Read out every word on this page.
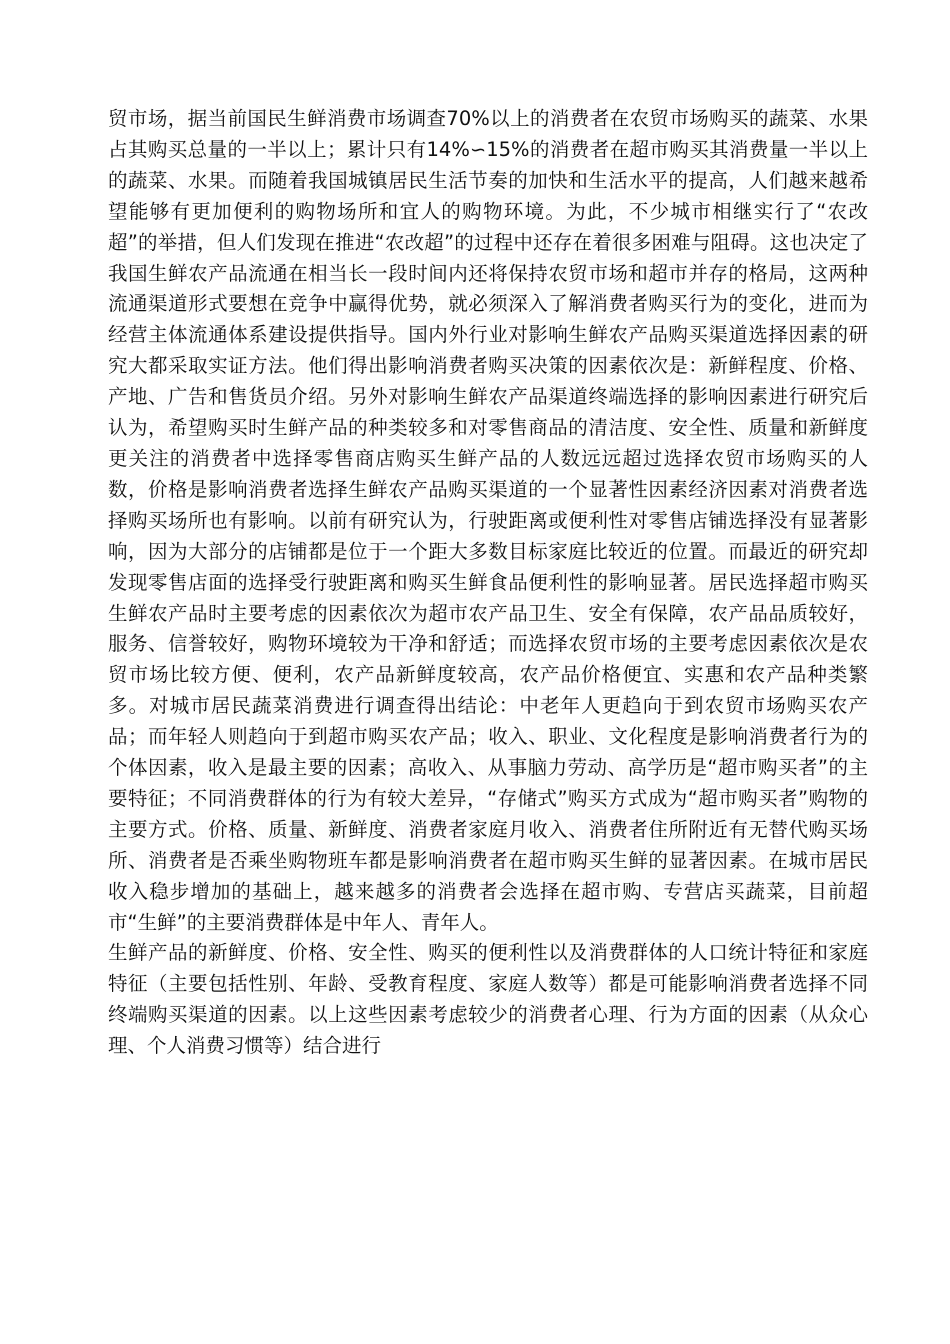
贸市场，据当前国民生鲜消费市场调查70%以上的消费者在农贸市场购买的蔬菜、水果占其购买总量的一半以上；累计只有14%∽15%的消费者在超市购买其消费量一半以上的蔬菜、水果。而随着我国城镇居民生活节奏的加快和生活水平的提高，人们越来越希望能够有更加便利的购物场所和宜人的购物环境。为此，不少城市相继实行了“农改超”的举措，但人们发现在推进“农改超”的过程中还存在着很多困难与阻碍。这也决定了我国生鲜农产品流通在相当长一段时间内还将保持农贸市场和超市并存的格局，这两种流通渠道形式要想在竞争中赢得优势，就必须深入了解消费者购买行为的变化，进而为经营主体流通体系建设提供指导。国内外行业对影响生鲜农产品购买渠道选择因素的研究大都采取实证方法。他们得出影响消费者购买决策的因素依次是：新鲜程度、价格、产地、广告和售货员介绍。另外对影响生鲜农产品渠道终端选择的影响因素进行研究后认为，希望购买时生鲜产品的种类较多和对零售商品的清洁度、安全性、质量和新鲜度更关注的消费者中选择零售商店购买生鲜产品的人数远远超过选择农贸市场购买的人数，价格是影响消费者选择生鲜农产品购买渠道的一个显著性因素经济因素对消费者选择购买场所也有影响。以前有研究认为，行驶距离或便利性对零售店铺选择没有显著影响，因为大部分的店铺都是位于一个距大多数目标家庭比较近的位置。而最近的研究却发现零售店面的选择受行驶距离和购买生鲜食品便利性的影响显著。居民选择超市购买生鲜农产品时主要考虑的因素依次为超市农产品卫生、安全有保障，农产品品质较好，服务、信誉较好，购物环境较为干净和舒适；而选择农贸市场的主要考虑因素依次是农贸市场比较方便、便利，农产品新鲜度较高，农产品价格便宜、实惠和农产品种类繁多。对城市居民蔬菜消费进行调查得出结论：中老年人更趋向于到农贸市场购买农产品；而年轻人则趋向于到超市购买农产品；收入、职业、文化程度是影响消费者行为的个体因素，收入是最主要的因素；高收入、从事脑力劳动、高学历是“超市购买者”的主要特征；不同消费群体的行为有较大差异，“存储式”购买方式成为“超市购买者”购物的主要方式。价格、质量、新鲜度、消费者家庭月收入、消费者住所附近有无替代购买场所、消费者是否乘坐购物班车都是影响消费者在超市购买生鲜的显著因素。在城市居民收入稳步增加的基础上，越来越多的消费者会选择在超市购、专营店买蔬菜，目前超市“生鲜”的主要消费群体是中年人、青年人。

生鲜产品的新鲜度、价格、安全性、购买的便利性以及消费群体的人口统计特征和家庭特征（主要包括性别、年龄、受教育程度、家庭人数等）都是可能影响消费者选择不同终端购买渠道的因素。以上这些因素考虑较少的消费者心理、行为方面的因素（从众心理、个人消费习惯等）结合进行
